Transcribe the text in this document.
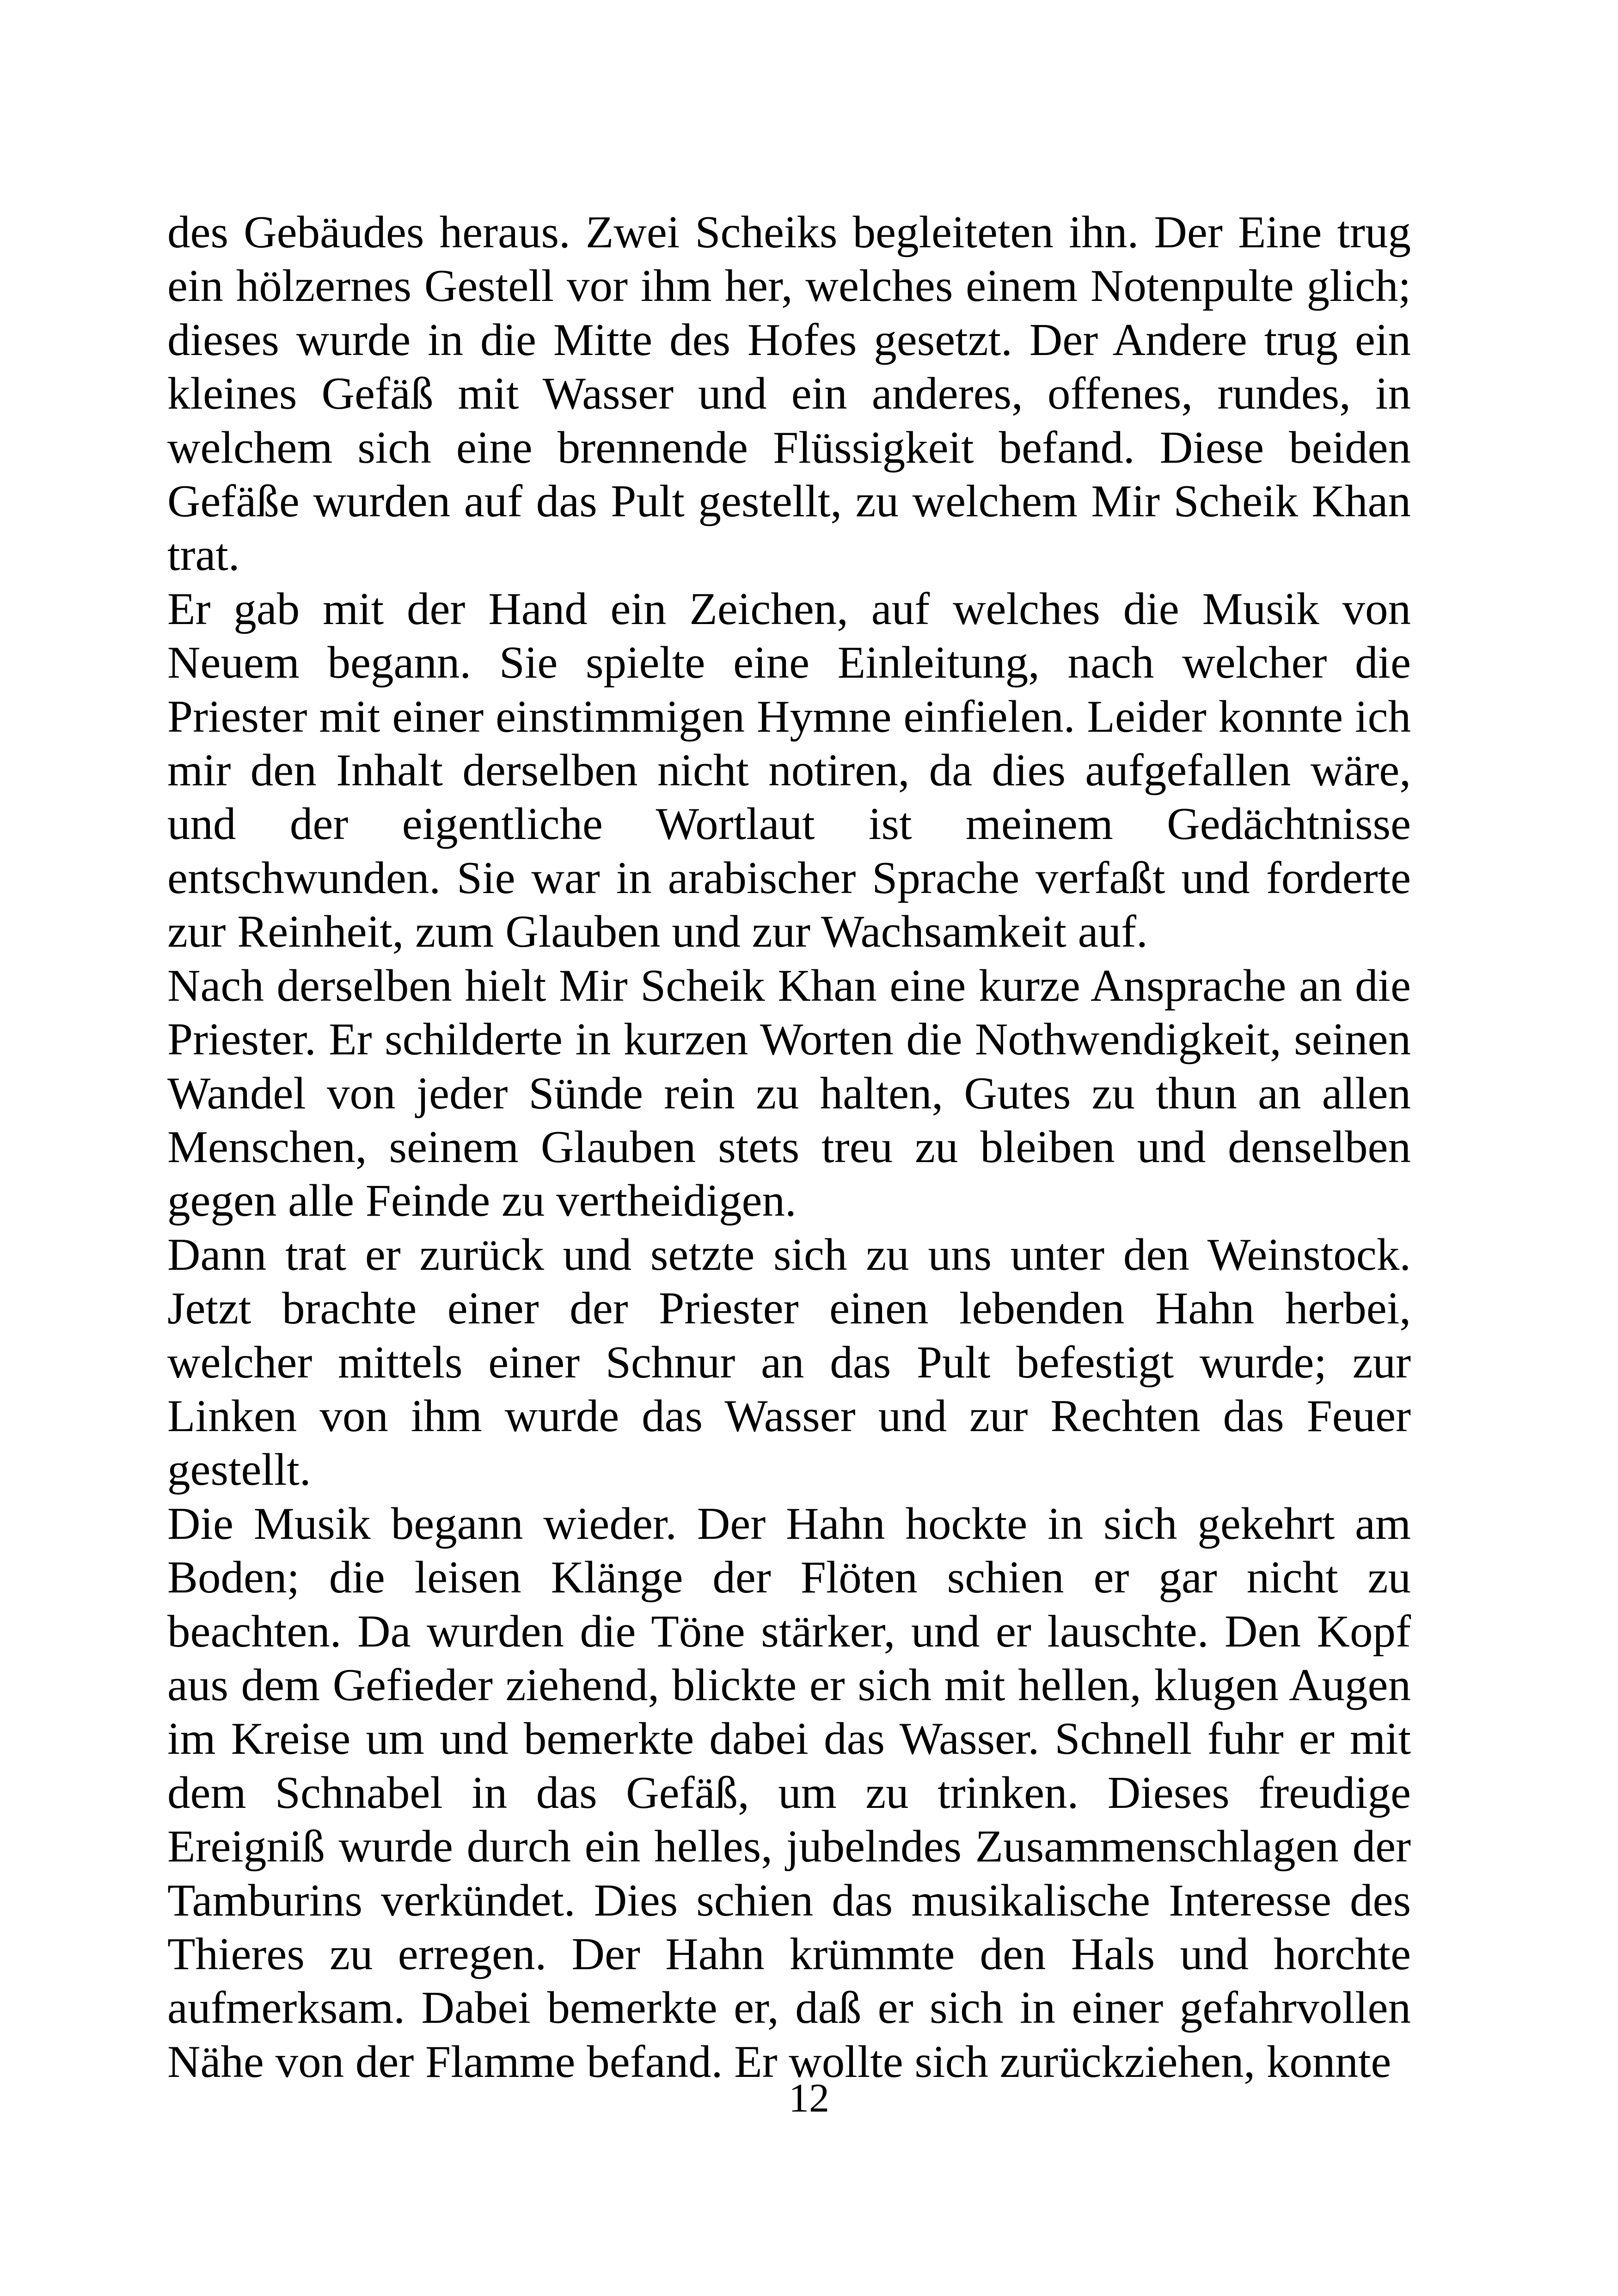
des Gebäudes heraus. Zwei Scheiks begleiteten ihn. Der Eine trug ein hölzernes Gestell vor ihm her, welches einem Notenpulte glich; dieses wurde in die Mitte des Hofes gesetzt. Der Andere trug ein kleines Gefäß mit Wasser und ein anderes, offenes, rundes, in welchem sich eine brennende Flüssigkeit befand. Diese beiden Gefäße wurden auf das Pult gestellt, zu welchem Mir Scheik Khan trat.

Er gab mit der Hand ein Zeichen, auf welches die Musik von Neuem begann. Sie spielte eine Einleitung, nach welcher die Priester mit einer einstimmigen Hymne einfielen. Leider konnte ich mir den Inhalt derselben nicht notiren, da dies aufgefallen wäre, und der eigentliche Wortlaut ist meinem Gedächtnisse entschwunden. Sie war in arabischer Sprache verfaßt und forderte zur Reinheit, zum Glauben und zur Wachsamkeit auf.

Nach derselben hielt Mir Scheik Khan eine kurze Ansprache an die Priester. Er schilderte in kurzen Worten die Nothwendigkeit, seinen Wandel von jeder Sünde rein zu halten, Gutes zu thun an allen Menschen, seinem Glauben stets treu zu bleiben und denselben gegen alle Feinde zu vertheidigen.

Dann trat er zurück und setzte sich zu uns unter den Weinstock. Jetzt brachte einer der Priester einen lebenden Hahn herbei, welcher mittels einer Schnur an das Pult befestigt wurde; zur Linken von ihm wurde das Wasser und zur Rechten das Feuer gestellt.

Die Musik begann wieder. Der Hahn hockte in sich gekehrt am Boden; die leisen Klänge der Flöten schien er gar nicht zu beachten. Da wurden die Töne stärker, und er lauschte. Den Kopf aus dem Gefieder ziehend, blickte er sich mit hellen, klugen Augen im Kreise um und bemerkte dabei das Wasser. Schnell fuhr er mit dem Schnabel in das Gefäß, um zu trinken. Dieses freudige Ereigniß wurde durch ein helles, jubelndes Zusammenschlagen der Tamburins verkündet. Dies schien das musikalische Interesse des Thieres zu erregen. Der Hahn krümmte den Hals und horchte aufmerksam. Dabei bemerkte er, daß er sich in einer gefahrvollen Nähe von der Flamme befand. Er wollte sich zurückziehen, konnte

12
